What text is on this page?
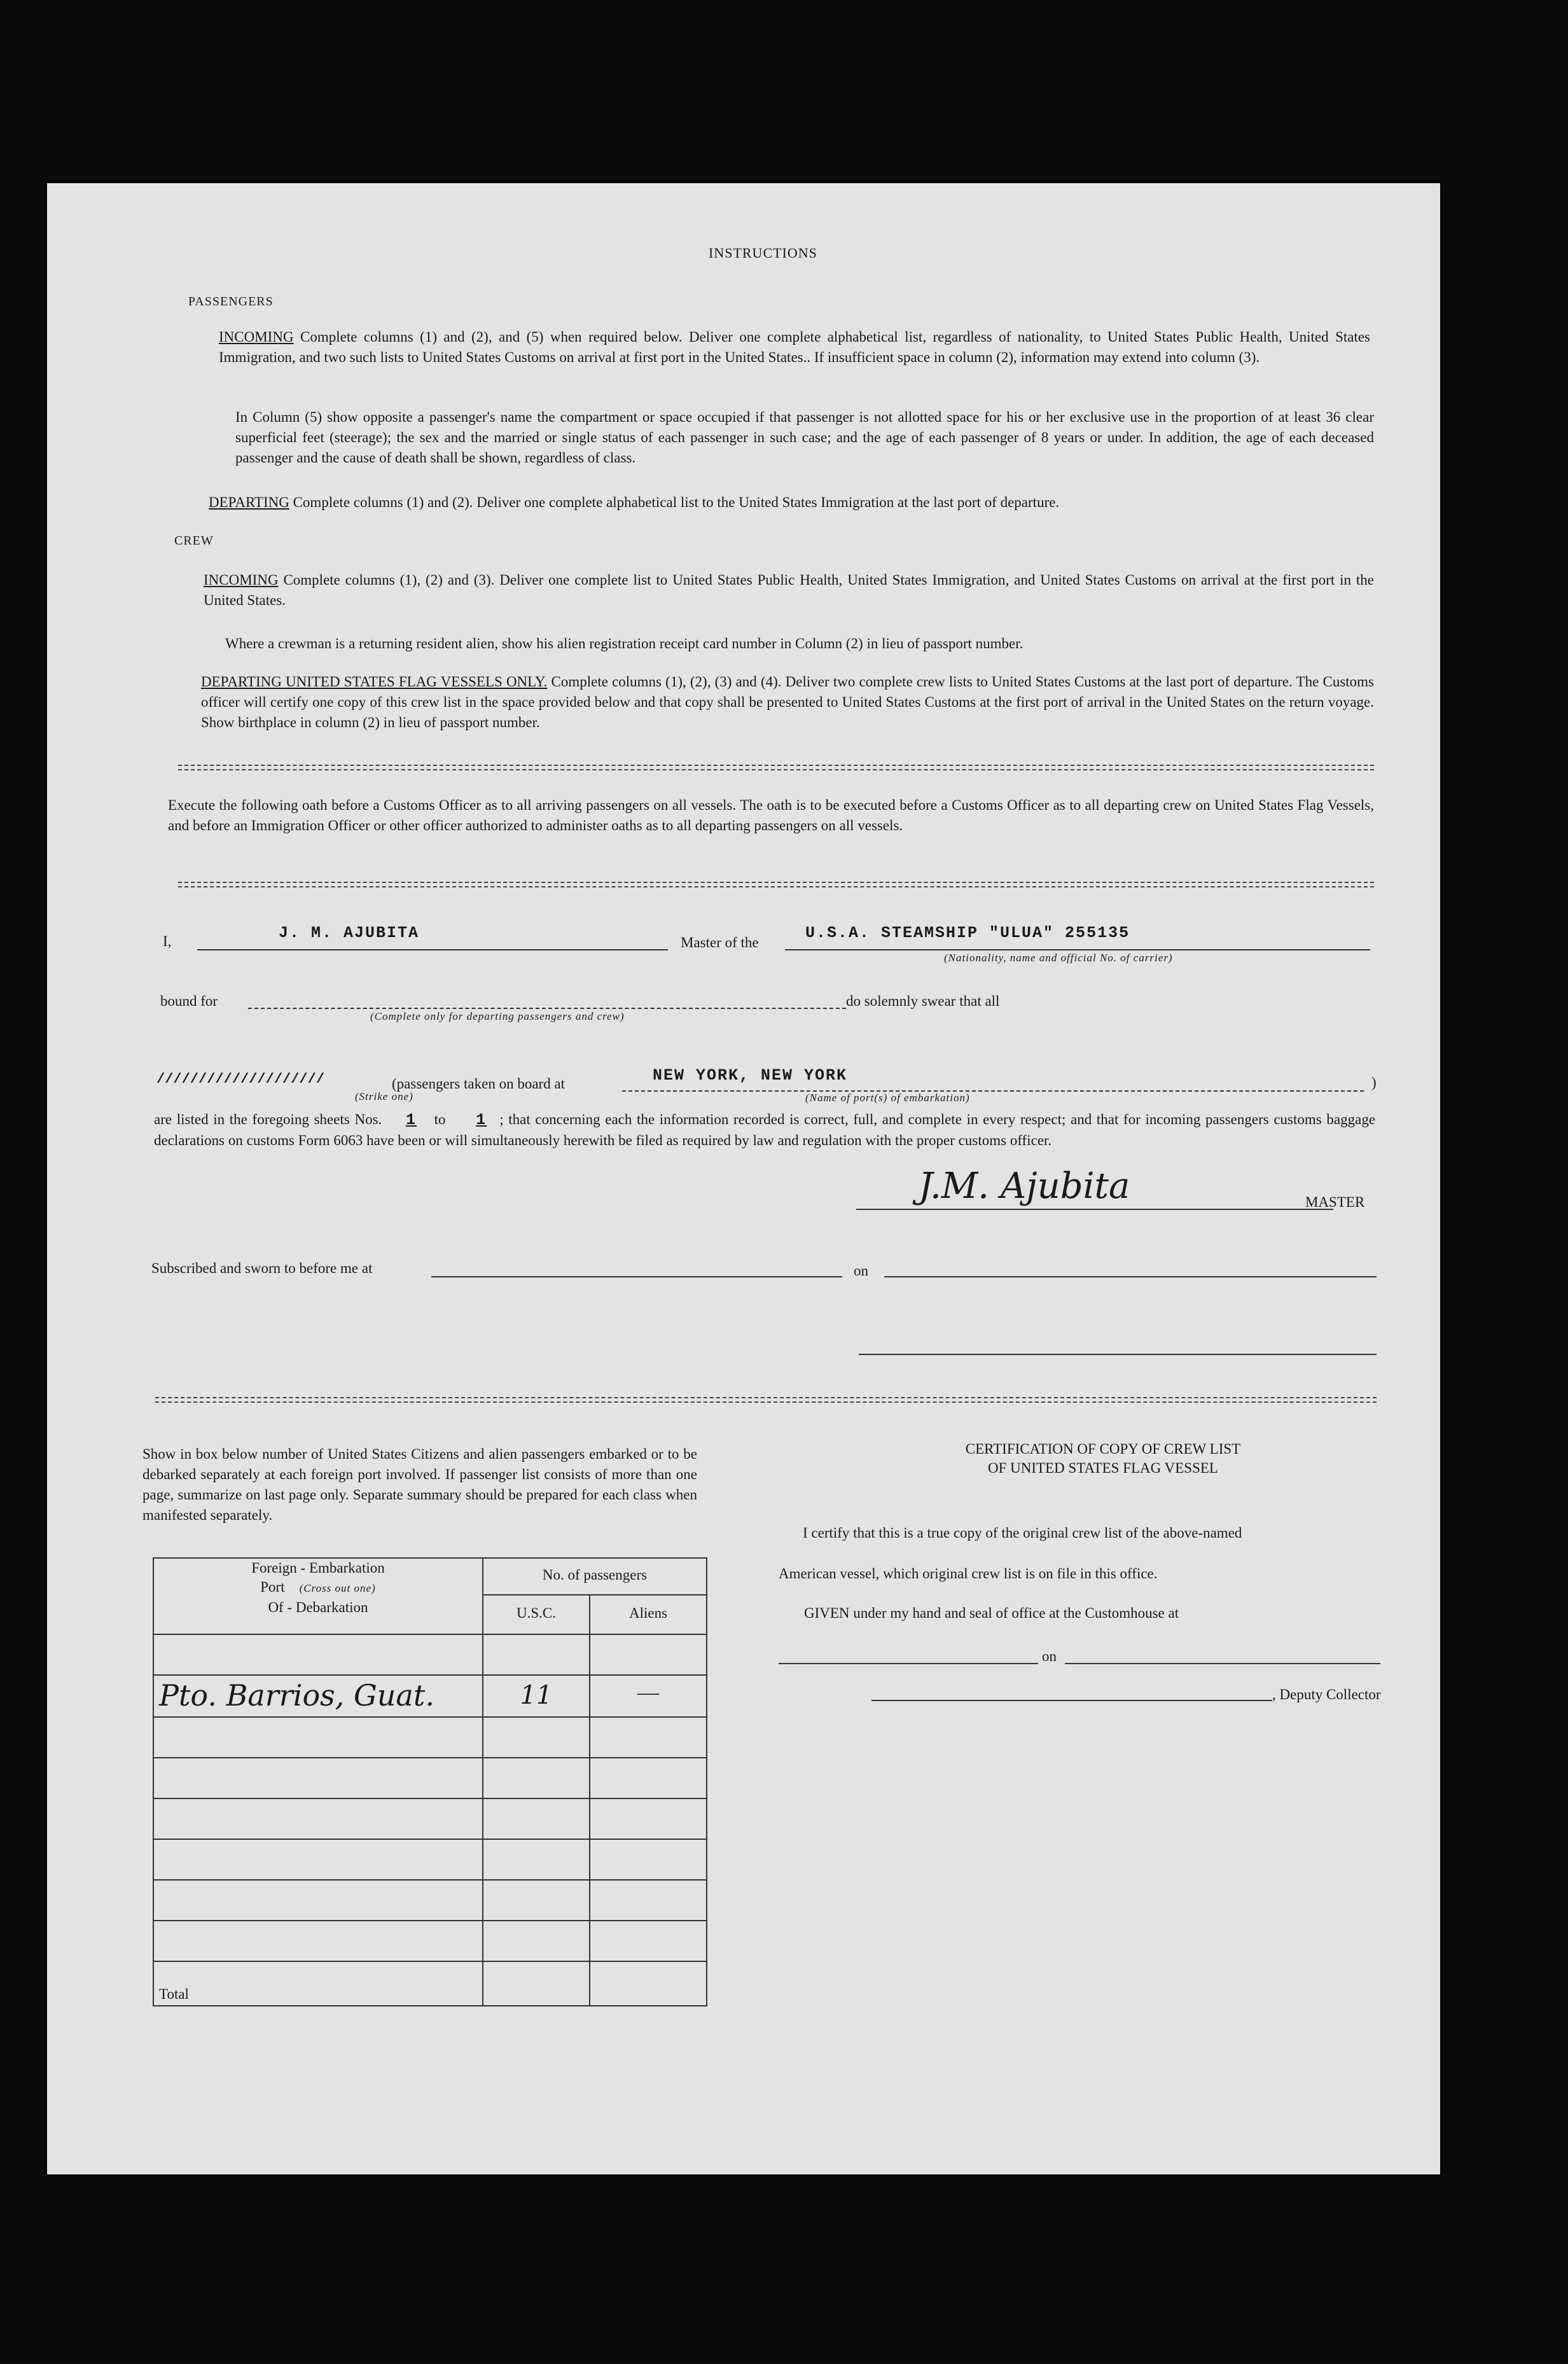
INSTRUCTIONS
PASSENGERS
INCOMING Complete columns (1) and (2), and (5) when required below. Deliver one complete alphabetical list, regardless of nationality, to United States Public Health, United States Immigration, and two such lists to United States Customs on arrival at first port in the United States.. If insufficient space in column (2), information may extend into column (3).
In Column (5) show opposite a passenger's name the compartment or space occupied if that passenger is not allotted space for his or her exclusive use in the proportion of at least 36 clear superficial feet (steerage); the sex and the married or single status of each passenger in such case; and the age of each passenger of 8 years or under. In addition, the age of each deceased passenger and the cause of death shall be shown, regardless of class.
DEPARTING Complete columns (1) and (2). Deliver one complete alphabetical list to the United States Immigration at the last port of departure.
CREW
INCOMING Complete columns (1), (2) and (3). Deliver one complete list to United States Public Health, United States Immigration, and United States Customs on arrival at the first port in the United States.
Where a crewman is a returning resident alien, show his alien registration receipt card number in Column (2) in lieu of passport number.
DEPARTING UNITED STATES FLAG VESSELS ONLY. Complete columns (1), (2), (3) and (4). Deliver two complete crew lists to United States Customs at the last port of departure. The Customs officer will certify one copy of this crew list in the space provided below and that copy shall be presented to United States Customs at the first port of arrival in the United States on the return voyage. Show birthplace in column (2) in lieu of passport number.
Execute the following oath before a Customs Officer as to all arriving passengers on all vessels. The oath is to be executed before a Customs Officer as to all departing crew on United States Flag Vessels, and before an Immigration Officer or other officer authorized to administer oaths as to all departing passengers on all vessels.
I,	J. M. AJUBITA
Master of the
U.S.A. STEAMSHIP "ULUA" 255135
(Nationality, name and official No. of carrier)
bound for
(Complete only for departing passengers and crew)
do solemnly swear that all
////////////////////
(Strike one)
(passengers taken on board at	NEW YORK, NEW YORK
(Name of port(s) of embarkation)
)
are listed in the foregoing sheets Nos. 1 to 1 ; that concerning each the information recorded is correct, full, and complete in every respect; and that for incoming passengers customs baggage declarations on customs Form 6063 have been or will simultaneously herewith be filed as required by law and regulation with the proper customs officer.
J.M. Ajubita	MASTER
Subscribed and sworn to before me at	on
Show in box below number of United States Citizens and alien passengers embarked or to be debarked separately at each foreign port involved. If passenger list consists of more than one page, summarize on last page only. Separate summary should be prepared for each class when manifested separately.
Foreign - Embarkation
Port (Cross out one)
Of - Debarkation	No. of passengers	
	U.S.C.	Aliens

Pto. Barrios, Guat.	11	—

Total		
CERTIFICATION OF COPY OF CREW LIST
OF UNITED STATES FLAG VESSEL
I certify that this is a true copy of the original crew list of the above-named
American vessel, which original crew list is on file in this office.
GIVEN under my hand and seal of office at the Customhouse at
on
, Deputy Collector
